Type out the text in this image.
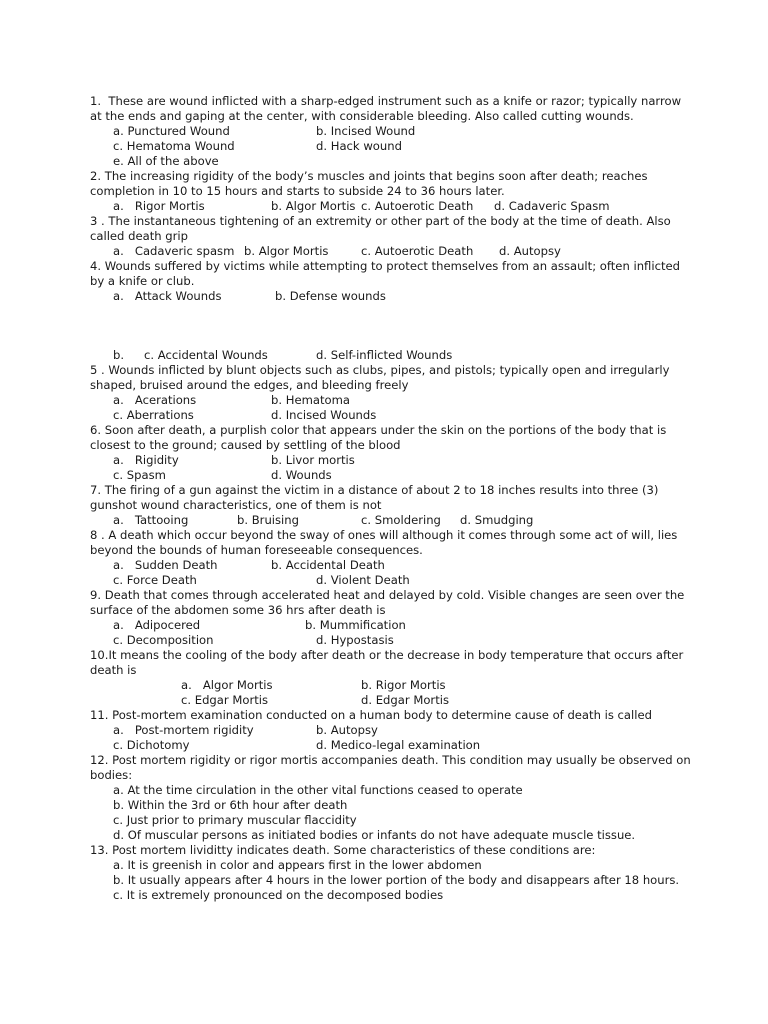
1.  These are wound inflicted with a sharp-edged instrument such as a knife or razor; typically narrow
at the ends and gaping at the center, with considerable bleeding. Also called cutting wounds.
a. Punctured Wound	b. Incised Wound
c. Hematoma Wound	d. Hack wound
e. All of the above
2. The increasing rigidity of the body’s muscles and joints that begins soon after death; reaches
completion in 10 to 15 hours and starts to subside 24 to 36 hours later.
a.   Rigor Mortis	b. Algor Mortis c. Autoerotic Death d. Cadaveric Spasm
3 . The instantaneous tightening of an extremity or other part of the body at the time of death. Also
called death grip
a.   Cadaveric spasm b. Algor Mortis	c. Autoerotic Death d. Autopsy
4. Wounds suffered by victims while attempting to protect themselves from an assault; often inflicted
by a knife or club.
a.   Attack Wounds	b. Defense wounds
b. c. Accidental Wounds	d. Self-inflicted Wounds
5 . Wounds inflicted by blunt objects such as clubs, pipes, and pistols; typically open and irregularly
shaped, bruised around the edges, and bleeding freely
a.   Acerations	b. Hematoma
c. Aberrations	d. Incised Wounds
6. Soon after death, a purplish color that appears under the skin on the portions of the body that is
closest to the ground; caused by settling of the blood
a.   Rigidity	b. Livor mortis
c. Spasm	d. Wounds
7. The firing of a gun against the victim in a distance of about 2 to 18 inches results into three (3)
gunshot wound characteristics, one of them is not
a.   Tattooing	b. Bruising	c. Smoldering d. Smudging
8 . A death which occur beyond the sway of ones will although it comes through some act of will, lies
beyond the bounds of human foreseeable consequences.
a.   Sudden Death	b. Accidental Death
c. Force Death	d. Violent Death
9. Death that comes through accelerated heat and delayed by cold. Visible changes are seen over the
surface of the abdomen some 36 hrs after death is
a.   Adipocered	b. Mummification
c. Decomposition	d. Hypostasis
10.It means the cooling of the body after death or the decrease in body temperature that occurs after
death is
a.   Algor Mortis	b. Rigor Mortis
c. Edgar Mortis	d. Edgar Mortis
11. Post-mortem examination conducted on a human body to determine cause of death is called
a.   Post-mortem rigidity	b. Autopsy
c. Dichotomy	d. Medico-legal examination
12. Post mortem rigidity or rigor mortis accompanies death. This condition may usually be observed on
bodies:
a. At the time circulation in the other vital functions ceased to operate
b. Within the 3rd or 6th hour after death
c. Just prior to primary muscular flaccidity
d. Of muscular persons as initiated bodies or infants do not have adequate muscle tissue.
13. Post mortem lividitty indicates death. Some characteristics of these conditions are:
a. It is greenish in color and appears first in the lower abdomen
b. It usually appears after 4 hours in the lower portion of the body and disappears after 18 hours.
c. It is extremely pronounced on the decomposed bodies
